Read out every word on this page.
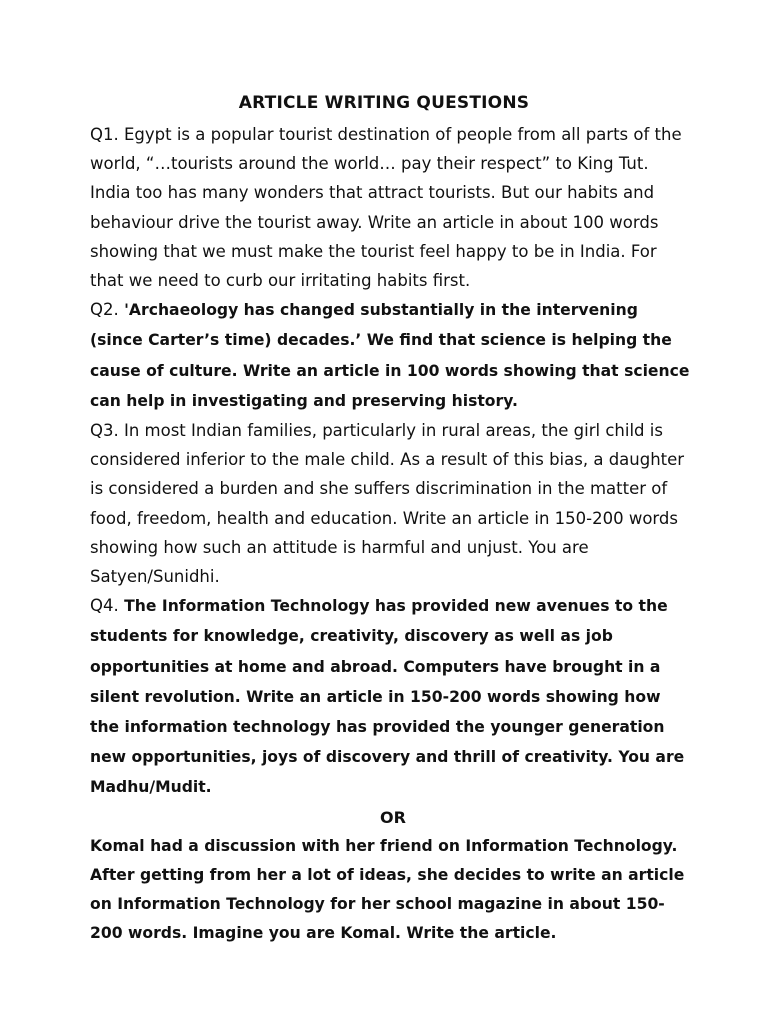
ARTICLE WRITING QUESTIONS

Q1. Egypt is a popular tourist destination of people from all parts of the world, “…tourists around the world… pay their respect” to King Tut. India too has many wonders that attract tourists. But our habits and behaviour drive the tourist away. Write an article in about 100 words showing that we must make the tourist feel happy to be in India. For that we need to curb our irritating habits first.

Q2. 'Archaeology has changed substantially in the intervening (since Carter’s time) decades.’ We find that science is helping the cause of culture. Write an article in 100 words showing that science can help in investigating and preserving history.

Q3. In most Indian families, particularly in rural areas, the girl child is considered inferior to the male child. As a result of this bias, a daughter is considered a burden and she suffers discrimination in the matter of food, freedom, health and education. Write an article in 150-200 words showing how such an attitude is harmful and unjust. You are Satyen/Sunidhi.

Q4. The Information Technology has provided new avenues to the students for knowledge, creativity, discovery as well as job opportunities at home and abroad. Computers have brought in a silent revolution. Write an article in 150-200 words showing how the information technology has provided the younger generation new opportunities, joys of discovery and thrill of creativity. You are Madhu/Mudit.

OR

Komal had a discussion with her friend on Information Technology. After getting from her a lot of ideas, she decides to write an article on Information Technology for her school magazine in about 150-200 words. Imagine you are Komal. Write the article.
